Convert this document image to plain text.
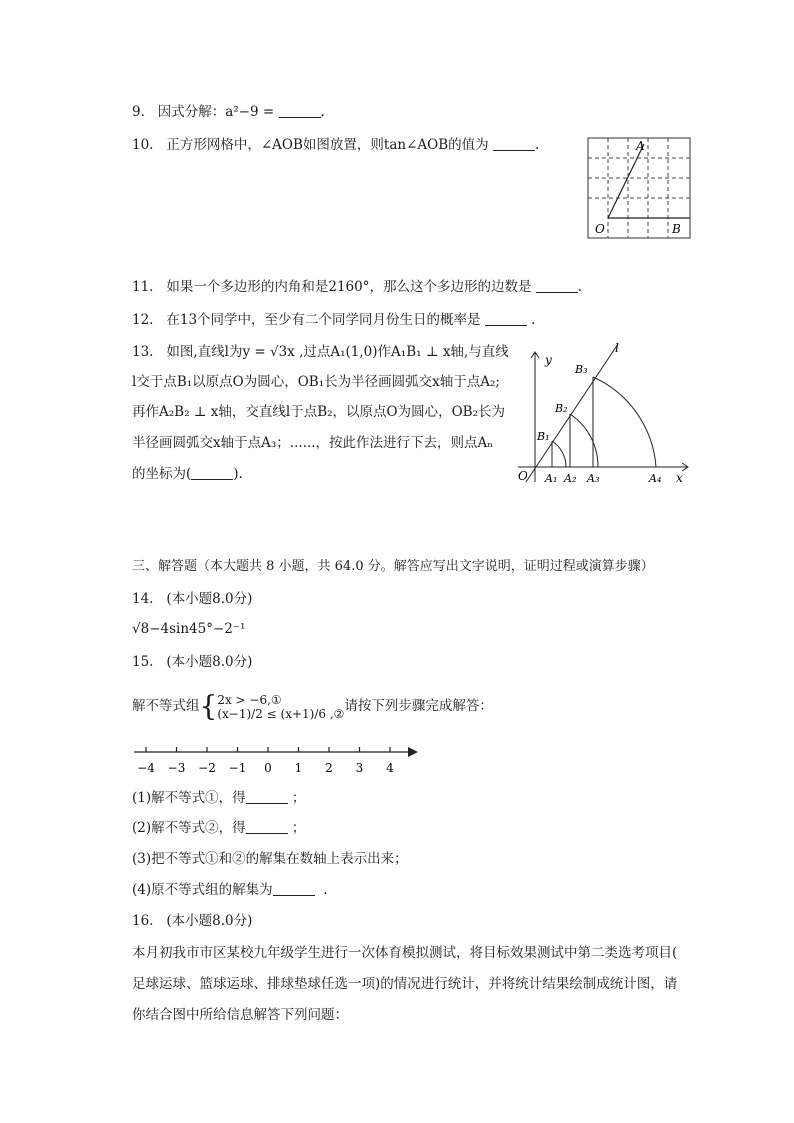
9. 因式分解：a²−9 =	.
10. 正方形网格中，∠AOB如图放置，则tan∠AOB的值为	.	A
O	B
11. 如果一个多边形的内角和是2160°，那么这个多边形的边数是	.
12. 在13个同学中，至少有二个同学同月份生日的概率是	.
13. 如图,直线l为y = √3x ,过点A₁(1,0)作A₁B₁ ⊥ x轴,与直线
l交于点B₁以原点O为圆心，OB₁长为半径画圆弧交x轴于点A₂;
再作A₂B₂ ⊥ x轴，交直线l于点B₂，以原点O为圆心，OB₂长为
半径画圆弧交x轴于点A₃；......，按此作法进行下去，则点Aₙ
的坐标为(	).
y
l
x
O
B₁
B₂
B₃
A₁ A₂ A₃	A₄
三、解答题（本大题共 8 小题，共 64.0 分。解答应写出文字说明，证明过程或演算步骤）
14. (本小题8.0分)
√8−4sin45°−2⁻¹
15. (本小题8.0分)
解不等式组{ 2x > −6,①
(x−1)/2 ≤ (x+1)/6 ,② 请按下列步骤完成解答：
−4 −3 −2 −1 0 1 2 3 4
(1)解不等式①，得	；
(2)解不等式②，得	；
(3)把不等式①和②的解集在数轴上表示出来；
(4)原不等式组的解集为	.
16. (本小题8.0分)
本月初我市市区某校九年级学生进行一次体育模拟测试，将目标效果测试中第二类选考项目(
足球运球、篮球运球、排球垫球任选一项)的情况进行统计，并将统计结果绘制成统计图，请
你结合图中所给信息解答下列问题：
